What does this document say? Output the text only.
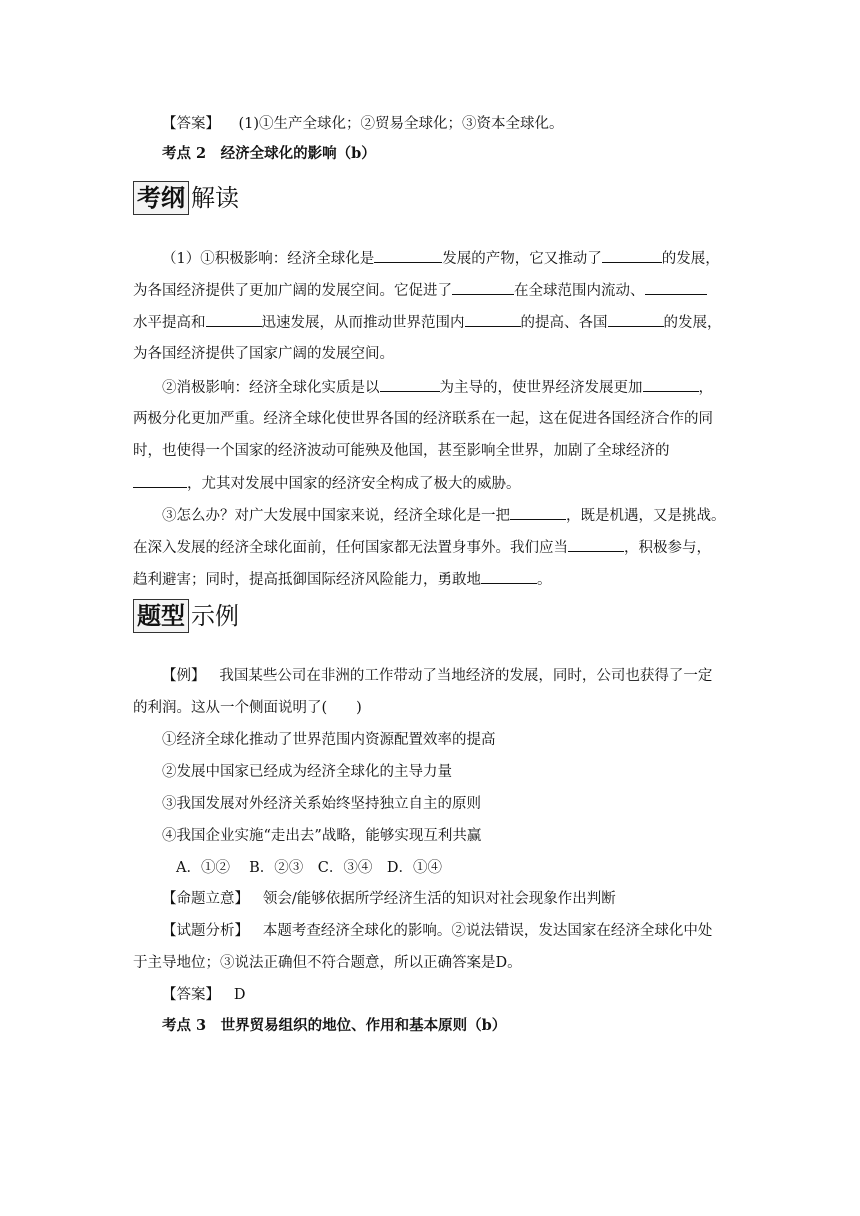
【答案】 (1)①生产全球化；②贸易全球化；③资本全球化。
考点 2　经济全球化的影响（b）
考纲 解读
（1）①积极影响：经济全球化是	发展的产物，它又推动了	的发展，
为各国经济提供了更加广阔的发展空间。它促进了	在全球范围内流动、
水平提高和	迅速发展，从而推动世界范围内	的提高、各国	的发展，
为各国经济提供了国家广阔的发展空间。
②消极影响：经济全球化实质是以	为主导的，使世界经济发展更加	，
两极分化更加严重。经济全球化使世界各国的经济联系在一起，这在促进各国经济合作的同
时，也使得一个国家的经济波动可能殃及他国，甚至影响全世界，加剧了全球经济的
，尤其对发展中国家的经济安全构成了极大的威胁。
③怎么办？对广大发展中国家来说，经济全球化是一把	，既是机遇，又是挑战。
在深入发展的经济全球化面前，任何国家都无法置身事外。我们应当	，积极参与，
趋利避害；同时，提高抵御国际经济风险能力，勇敢地	。
题型 示例
【例】 我国某些公司在非洲的工作带动了当地经济的发展，同时，公司也获得了一定
的利润。这从一个侧面说明了(　　)
①经济全球化推动了世界范围内资源配置效率的提高
②发展中国家已经成为经济全球化的主导力量
③我国发展对外经济关系始终坚持独立自主的原则
④我国企业实施“走出去”战略，能够实现互利共赢
A．①②　 B．②③　C．③④　D．①④
【命题立意】 领会/能够依据所学经济生活的知识对社会现象作出判断
【试题分析】 本题考查经济全球化的影响。②说法错误，发达国家在经济全球化中处
于主导地位；③说法正确但不符合题意，所以正确答案是D。
【答案】 D
考点 3　世界贸易组织的地位、作用和基本原则（b）
